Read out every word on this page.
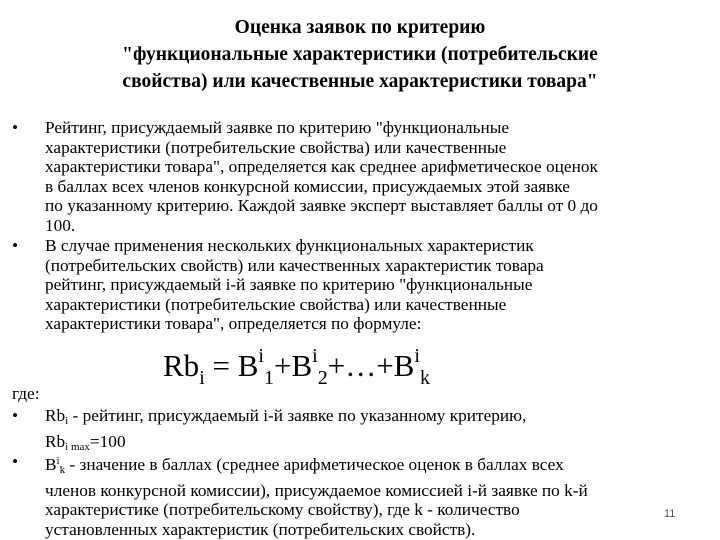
Оценка заявок по критерию
"функциональные характеристики (потребительские
свойства) или качественные характеристики товара"
• Рейтинг, присуждаемый заявке по критерию "функциональные
характеристики (потребительские свойства) или качественные
характеристики товара", определяется как среднее арифметическое оценок
в баллах всех членов конкурсной комиссии, присуждаемых этой заявке
по указанному критерию. Каждой заявке эксперт выставляет баллы от 0 до
100.
• В случае применения нескольких функциональных характеристик
(потребительских свойств) или качественных характеристик товара
рейтинг, присуждаемый i-й заявке по критерию "функциональные
характеристики (потребительские свойства) или качественные
характеристики товара", определяется по формуле:
$Rb_i$ = $B^i_1+B^i_2+\dots+B^i_k$
где:
• Rbi - рейтинг, присуждаемый i-й заявке по указанному критерию,
Rbi max=100
• $B^ik$ - значение в баллах (среднее арифметическое оценок в баллах всех
членов конкурсной комиссии), присуждаемое комиссией i-й заявке по k-й
характеристике (потребительскому свойству), где k - количество
установленных характеристик (потребительских свойств).
11
